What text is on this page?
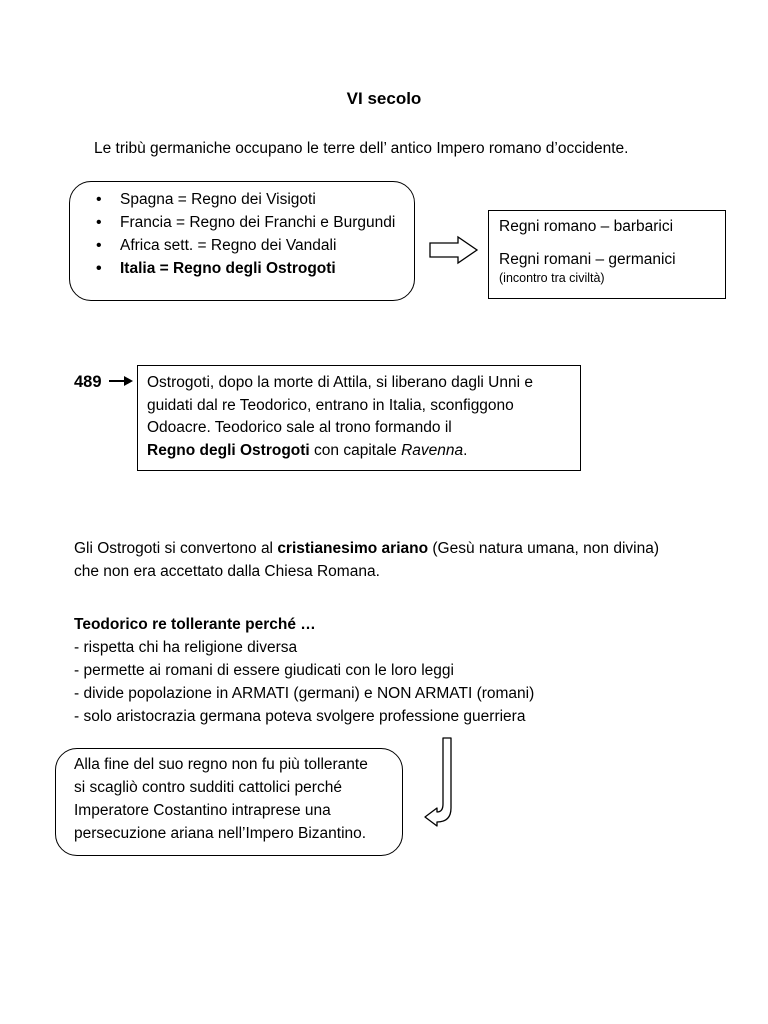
VI secolo
Le tribù germaniche occupano le terre dell’ antico Impero romano d’occidente.
• Spagna = Regno dei Visigoti
• Francia = Regno dei Franchi e Burgundi
• Africa sett. = Regno dei Vandali
• Italia = Regno degli Ostrogoti
Regni romano – barbarici
Regni romani – germanici
(incontro tra civiltà)
489	Ostrogoti, dopo la morte di Attila, si liberano dagli Unni e
guidati dal re Teodorico, entrano in Italia, sconfiggono
Odoacre. Teodorico sale al trono formando il
Regno degli Ostrogoti con capitale Ravenna.
Gli Ostrogoti si convertono al cristianesimo ariano (Gesù natura umana, non divina)
che non era accettato dalla Chiesa Romana.
Teodorico re tollerante perché …
- rispetta chi ha religione diversa
- permette ai romani di essere giudicati con le loro leggi
- divide popolazione in ARMATI (germani) e NON ARMATI (romani)
- solo aristocrazia germana poteva svolgere professione guerriera
Alla fine del suo regno non fu più tollerante
si scagliò contro sudditi cattolici perché
Imperatore Costantino intraprese una
persecuzione ariana nell’Impero Bizantino.
